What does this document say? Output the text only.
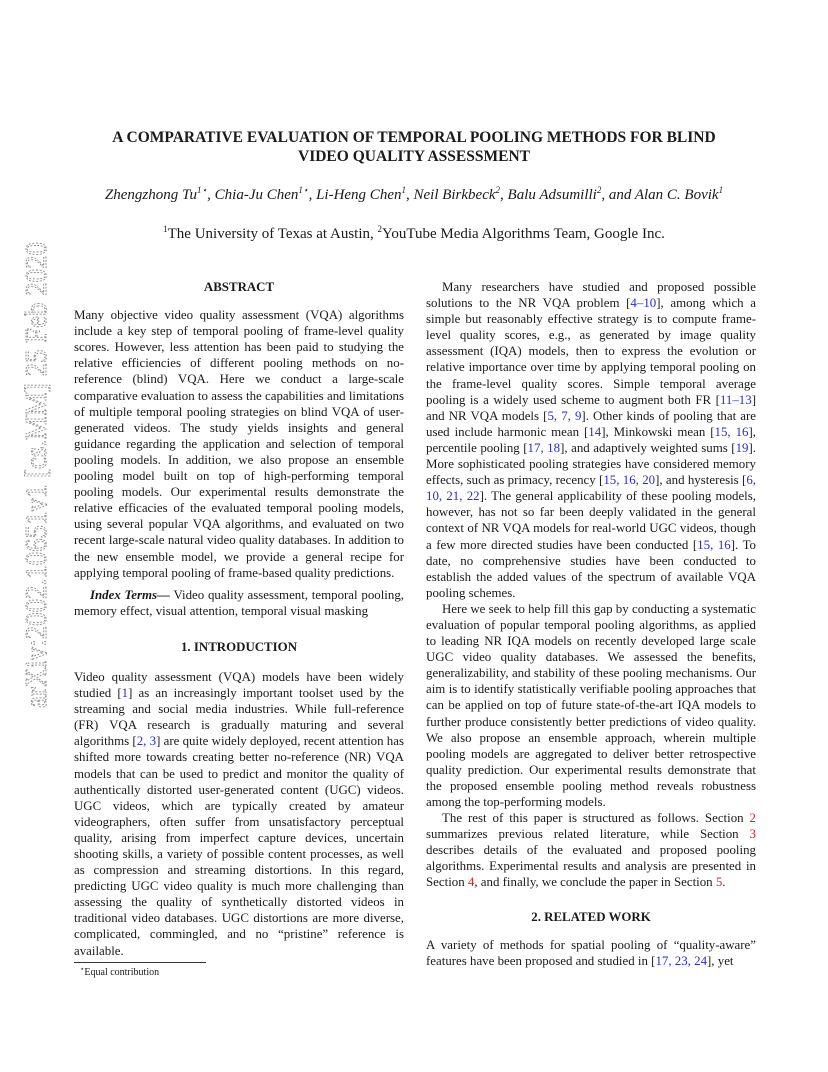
arXiv:2002.10651v1 [cs.MM] 25 Feb 2020
A COMPARATIVE EVALUATION OF TEMPORAL POOLING METHODS FOR BLIND
VIDEO QUALITY ASSESSMENT
Zhengzhong $Tu^{1⋆}$, Chia-Ju Chen$^{1⋆}$, Li-Heng Chen$^1$, Neil Birkbeck$^2$, Balu Adsumilli$^2$, and Alan C. Bovik$^1$
$^1$The University of Texas at Austin, $^2$YouTube Media Algorithms Team, Google Inc.

ABSTRACT

Many objective video quality assessment (VQA) algorithms include a key step of temporal pooling of frame-level quality scores. However, less attention has been paid to studying the relative efficiencies of different pooling methods on no-reference (blind) VQA. Here we conduct a large-scale comparative evaluation to assess the capabilities and limitations of multiple temporal pooling strategies on blind VQA of user-generated videos. The study yields insights and general guidance regarding the application and selection of temporal pooling models. In addition, we also propose an ensemble pooling model built on top of high-performing temporal pooling models. Our experimental results demonstrate the relative efficacies of the evaluated temporal pooling models, using several popular VQA algorithms, and evaluated on two recent large-scale natural video quality databases. In addition to the new ensemble model, we provide a general recipe for applying temporal pooling of frame-based quality predictions.

Index Terms— Video quality assessment, temporal pooling, memory effect, visual attention, temporal visual masking

1. INTRODUCTION

Video quality assessment (VQA) models have been widely studied [1] as an increasingly important toolset used by the streaming and social media industries. While full-reference (FR) VQA research is gradually maturing and several algorithms [2, 3] are quite widely deployed, recent attention has shifted more towards creating better no-reference (NR) VQA models that can be used to predict and monitor the quality of authentically distorted user-generated content (UGC) videos. UGC videos, which are typically created by amateur videographers, often suffer from unsatisfactory perceptual quality, arising from imperfect capture devices, uncertain shooting skills, a variety of possible content processes, as well as compression and streaming distortions. In this regard, predicting UGC video quality is much more challenging than assessing the quality of synthetically distorted videos in traditional video databases. UGC distortions are more diverse, complicated, commingled, and no “pristine” reference is available.

Many researchers have studied and proposed possible solutions to the NR VQA problem [4–10], among which a simple but reasonably effective strategy is to compute frame-level quality scores, e.g., as generated by image quality assessment (IQA) models, then to express the evolution or relative importance over time by applying temporal pooling on the frame-level quality scores. Simple temporal average pooling is a widely used scheme to augment both FR [11–13] and NR VQA models [5, 7, 9]. Other kinds of pooling that are used include harmonic mean [14], Minkowski mean [15, 16], percentile pooling [17, 18], and adaptively weighted sums [19]. More sophisticated pooling strategies have considered memory effects, such as primacy, recency [15, 16, 20], and hysteresis [6, 10, 21, 22]. The general applicability of these pooling models, however, has not so far been deeply validated in the general context of NR VQA models for real-world UGC videos, though a few more directed studies have been conducted [15, 16]. To date, no comprehensive studies have been conducted to establish the added values of the spectrum of available VQA pooling schemes.

Here we seek to help fill this gap by conducting a systematic evaluation of popular temporal pooling algorithms, as applied to leading NR IQA models on recently developed large scale UGC video quality databases. We assessed the benefits, generalizability, and stability of these pooling mechanisms. Our aim is to identify statistically verifiable pooling approaches that can be applied on top of future state-of-the-art IQA models to further produce consistently better predictions of video quality. We also propose an ensemble approach, wherein multiple pooling models are aggregated to deliver better retrospective quality prediction. Our experimental results demonstrate that the proposed ensemble pooling method reveals robustness among the top-performing models.

The rest of this paper is structured as follows. Section 2 summarizes previous related literature, while Section 3 describes details of the evaluated and proposed pooling algorithms. Experimental results and analysis are presented in Section 4, and finally, we conclude the paper in Section 5.

2. RELATED WORK

A variety of methods for spatial pooling of “quality-aware” features have been proposed and studied in [17, 23, 24], yet

⋆Equal contribution
